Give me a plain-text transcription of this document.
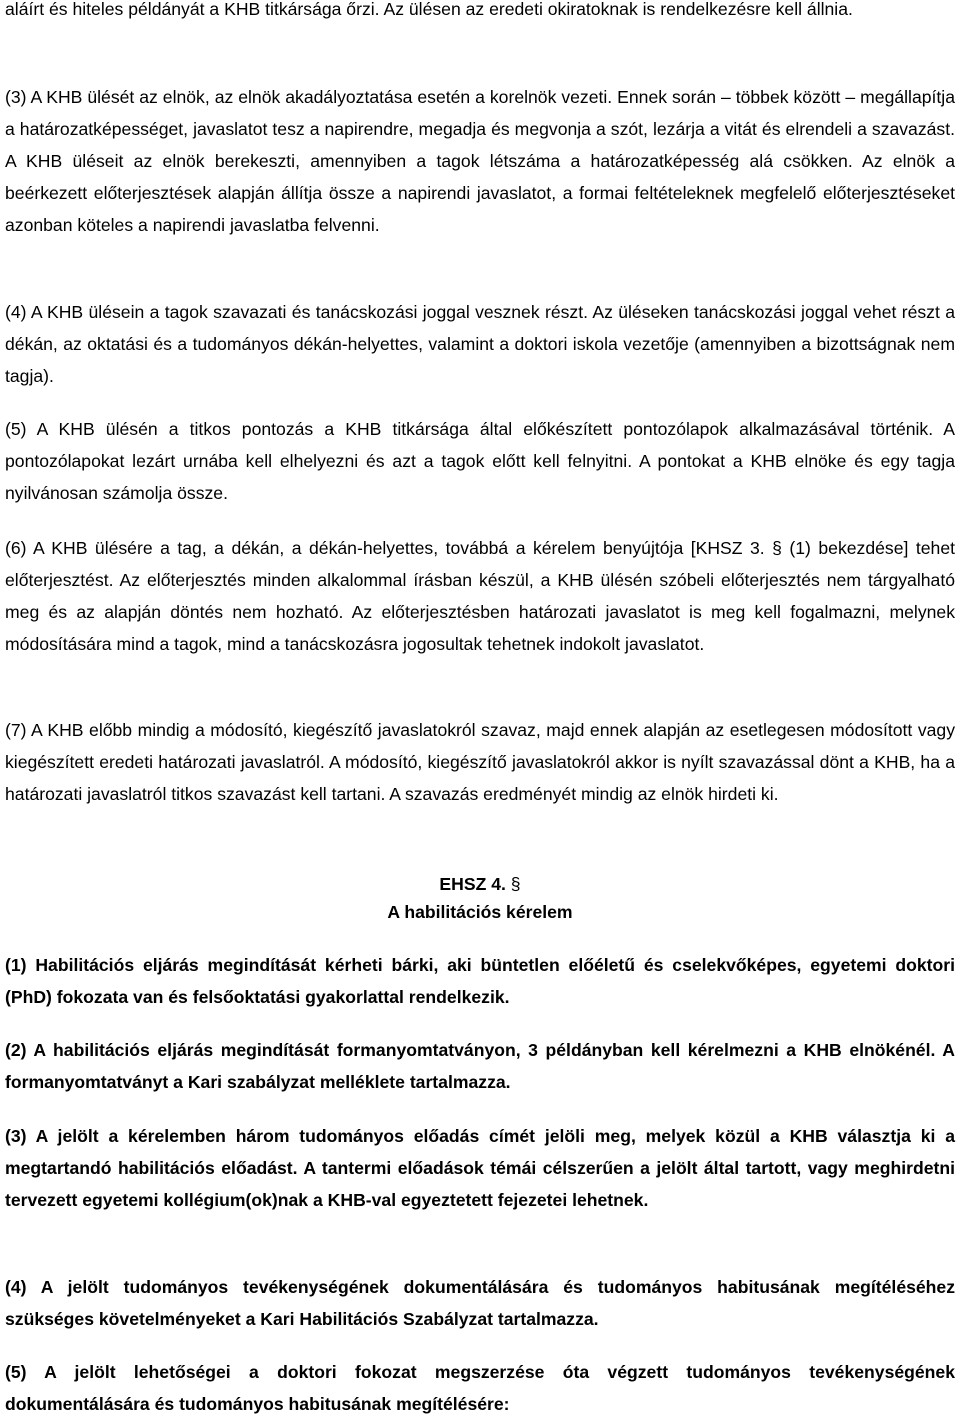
aláírt és hiteles példányát a KHB titkársága őrzi. Az ülésen az eredeti okiratoknak is rendelkezésre kell állnia.

(3) A KHB ülését az elnök, az elnök akadályoztatása esetén a korelnök vezeti. Ennek során – többek között – megállapítja a határozatképességet, javaslatot tesz a napirendre, megadja és megvonja a szót, lezárja a vitát és elrendeli a szavazást. A KHB üléseit az elnök berekeszti, amennyiben a tagok létszáma a határozatképesség alá csökken. Az elnök a beérkezett előterjesztések alapján állítja össze a napirendi javaslatot, a formai feltételeknek megfelelő előterjesztéseket azonban köteles a napirendi javaslatba felvenni.

(4) A KHB ülésein a tagok szavazati és tanácskozási joggal vesznek részt. Az üléseken tanácskozási joggal vehet részt a dékán, az oktatási és a tudományos dékán-helyettes, valamint a doktori iskola vezetője (amennyiben a bizottságnak nem tagja).

(5) A KHB ülésén a titkos pontozás a KHB titkársága által előkészített pontozólapok alkalmazásával történik. A pontozólapokat lezárt urnába kell elhelyezni és azt a tagok előtt kell felnyitni. A pontokat a KHB elnöke és egy tagja nyilvánosan számolja össze.

(6) A KHB ülésére a tag, a dékán, a dékán-helyettes, továbbá a kérelem benyújtója [KHSZ 3. § (1) bekezdése] tehet előterjesztést. Az előterjesztés minden alkalommal írásban készül, a KHB ülésén szóbeli előterjesztés nem tárgyalható meg és az alapján döntés nem hozható. Az előterjesztésben határozati javaslatot is meg kell fogalmazni, melynek módosítására mind a tagok, mind a tanácskozásra jogosultak tehetnek indokolt javaslatot.

(7) A KHB előbb mindig a módosító, kiegészítő javaslatokról szavaz, majd ennek alapján az esetlegesen módosított vagy kiegészített eredeti határozati javaslatról. A módosító, kiegészítő javaslatokról akkor is nyílt szavazással dönt a KHB, ha a határozati javaslatról titkos szavazást kell tartani. A szavazás eredményét mindig az elnök hirdeti ki.

EHSZ 4. §
A habilitációs kérelem

(1) Habilitációs eljárás megindítását kérheti bárki, aki büntetlen előéletű és cselekvőképes, egyetemi doktori (PhD) fokozata van és felsőoktatási gyakorlattal rendelkezik.

(2) A habilitációs eljárás megindítását formanyomtatványon, 3 példányban kell kérelmezni a KHB elnökénél. A formanyomtatványt a Kari szabályzat melléklete tartalmazza.

(3) A jelölt a kérelemben három tudományos előadás címét jelöli meg, melyek közül a KHB választja ki a megtartandó habilitációs előadást. A tantermi előadások témái célszerűen a jelölt által tartott, vagy meghirdetni tervezett egyetemi kollégium(ok)nak a KHB-val egyeztetett fejezetei lehetnek.

(4) A jelölt tudományos tevékenységének dokumentálására és tudományos habitusának megítéléséhez szükséges követelményeket a Kari Habilitációs Szabályzat tartalmazza.

(5) A jelölt lehetőségei a doktori fokozat megszerzése óta végzett tudományos tevékenységének dokumentálására és tudományos habitusának megítélésére:
